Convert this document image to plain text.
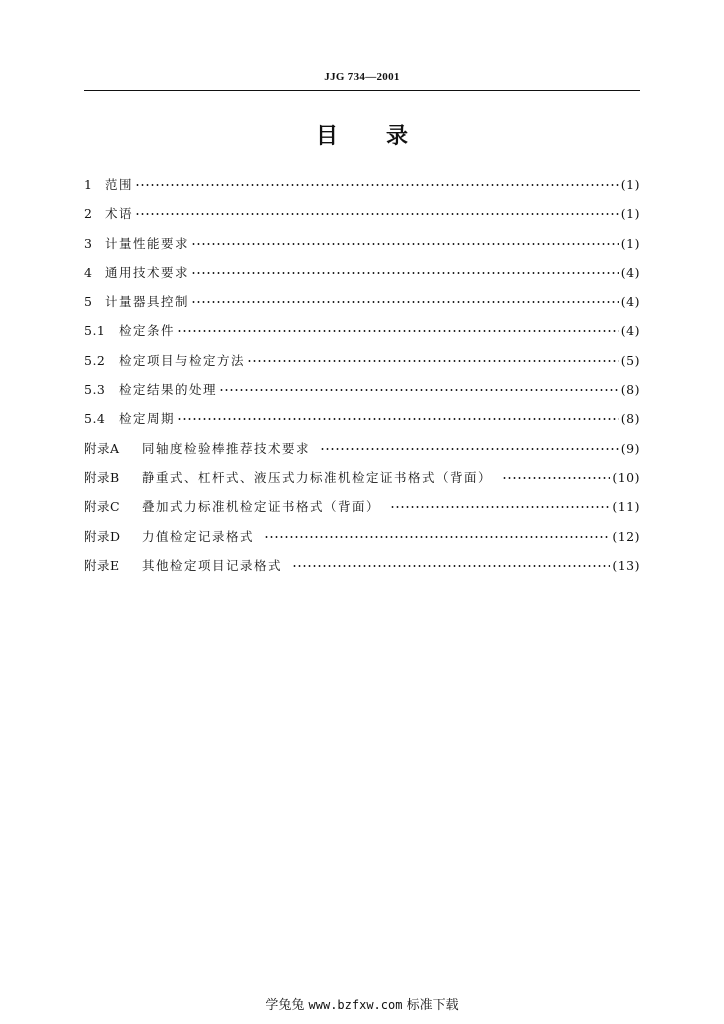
JJG 734—2001
目 录
1	范围	(1)
2	术语	(1)
3	计量性能要求	(1)
4	通用技术要求	(4)
5	计量器具控制	(4)
5.1	检定条件	(4)
5.2	检定项目与检定方法	(5)
5.3	检定结果的处理	(8)
5.4	检定周期	(8)
附录A	同轴度检验棒推荐技术要求	(9)
附录B	静重式、杠杆式、液压式力标准机检定证书格式（背面）	(10)
附录C	叠加式力标准机检定证书格式（背面）	(11)
附录D	力值检定记录格式	(12)
附录E	其他检定项目记录格式	(13)
学兔兔 www.bzfxw.com 标准下载
